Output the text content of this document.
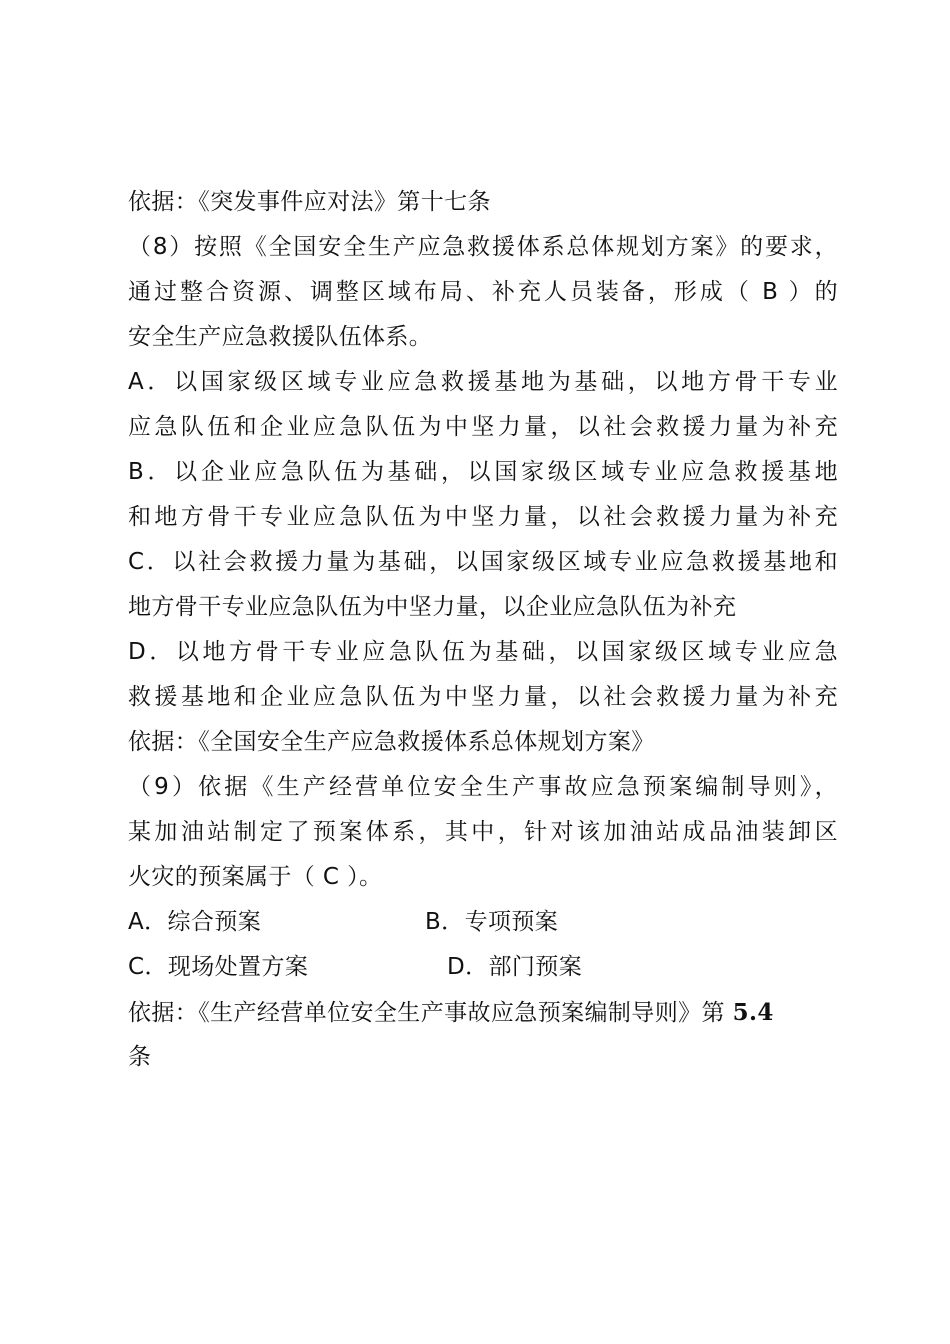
依据：《突发事件应对法》第十七条
（8）按照《全国安全生产应急救援体系总体规划方案》的要求，
通过整合资源、调整区域布局、补充人员装备，形成（ B ）的
安全生产应急救援队伍体系。
A．以国家级区域专业应急救援基地为基础，以地方骨干专业
应急队伍和企业应急队伍为中坚力量，以社会救援力量为补充
B．以企业应急队伍为基础，以国家级区域专业应急救援基地
和地方骨干专业应急队伍为中坚力量，以社会救援力量为补充
C．以社会救援力量为基础，以国家级区域专业应急救援基地和
地方骨干专业应急队伍为中坚力量，以企业应急队伍为补充
D．以地方骨干专业应急队伍为基础，以国家级区域专业应急
救援基地和企业应急队伍为中坚力量，以社会救援力量为补充
依据：《全国安全生产应急救援体系总体规划方案》
（9）依据《生产经营单位安全生产事故应急预案编制导则》，
某加油站制定了预案体系，其中，针对该加油站成品油装卸区
火灾的预案属于（ C ）。
A．综合预案	B．专项预案
C．现场处置方案	D．部门预案
依据：《生产经营单位安全生产事故应急预案编制导则》第 5.4
条
